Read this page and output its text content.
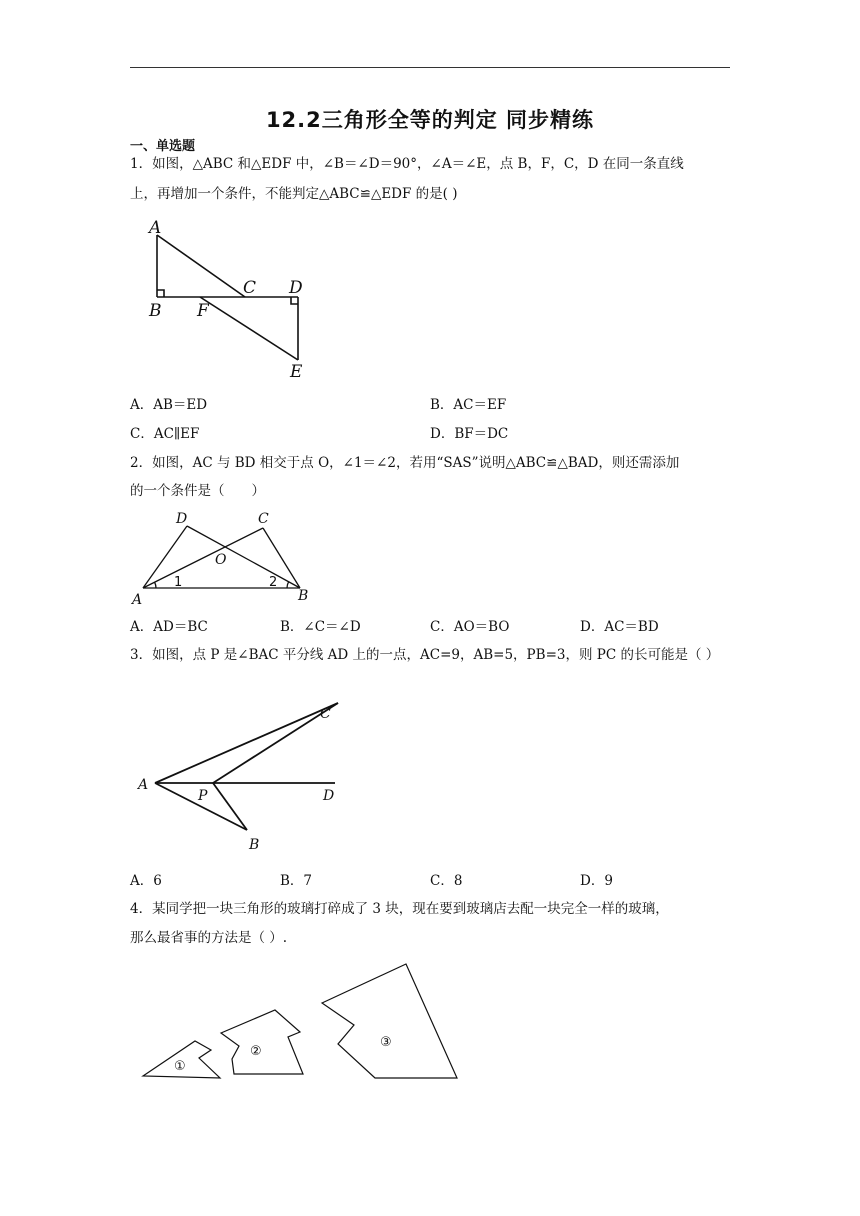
12.2三角形全等的判定 同步精练
一、单选题
1．如图，△ABC 和△EDF 中，∠B＝∠D＝90°，∠A＝∠E，点 B，F，C，D 在同一条直线
上，再增加一个条件，不能判定△ABC≌△EDF 的是( )
A
B
C D
E
F
A．AB＝ED	B．AC＝EF
C．AC∥EF	D．BF＝DC
2．如图，AC 与 BD 相交于点 O，∠1＝∠2，若用“SAS”说明△ABC≌△BAD，则还需添加
的一个条件是（　　）
A	B
C
D
O
1	2
A．AD＝BC	B．∠C＝∠D	C．AO＝BO	D．AC＝BD
3．如图，点 P 是∠BAC 平分线 AD 上的一点，AC=9，AB=5，PB=3，则 PC 的长可能是（ ）
A
B
C
D
P
A．6	B．7	C．8	D．9
4．某同学把一块三角形的玻璃打碎成了 3 块，现在要到玻璃店去配一块完全一样的玻璃，
那么最省事的方法是（ ）.
①
②
③
